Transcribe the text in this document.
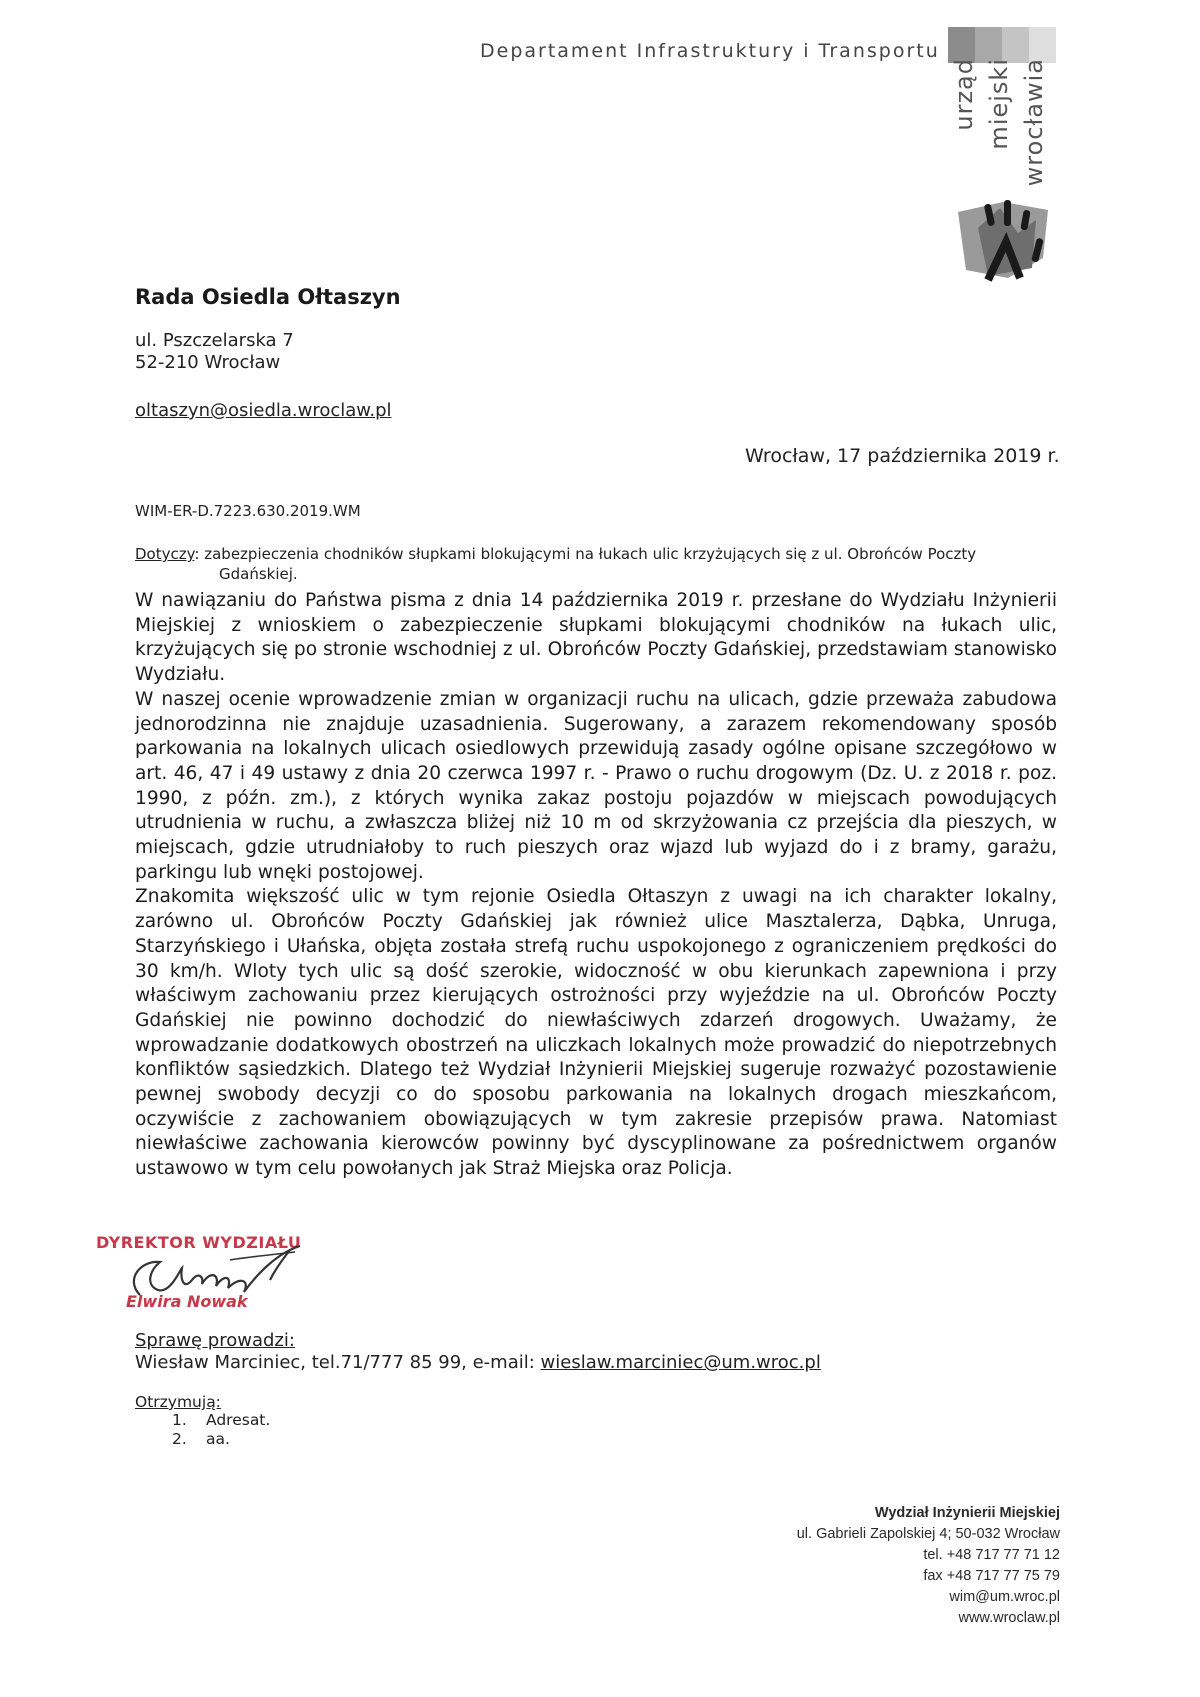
Departament Infrastruktury i Transportu
urząd miejski wrocławia
Rada Osiedla Ołtaszyn
ul. Pszczelarska 7
52-210 Wrocław
oltaszyn@osiedla.wroclaw.pl
Wrocław, 17 października 2019 r.
WIM-ER-D.7223.630.2019.WM
Dotyczy: zabezpieczenia chodników słupkami blokującymi na łukach ulic krzyżujących się z ul. Obrońców Poczty
Gdańskiej.

W nawiązaniu do Państwa pisma z dnia 14 października 2019 r. przesłane do Wydziału Inżynierii Miejskiej z wnioskiem o zabezpieczenie słupkami blokującymi chodników na łukach ulic, krzyżujących się po stronie wschodniej z ul. Obrońców Poczty Gdańskiej, przedstawiam stanowisko Wydziału.

W naszej ocenie wprowadzenie zmian w organizacji ruchu na ulicach, gdzie przeważa zabudowa jednorodzinna nie znajduje uzasadnienia. Sugerowany, a zarazem rekomendowany sposób parkowania na lokalnych ulicach osiedlowych przewidują zasady ogólne opisane szczegółowo w art. 46, 47 i 49 ustawy z dnia 20 czerwca 1997 r. - Prawo o ruchu drogowym (Dz. U. z 2018 r. poz. 1990, z późn. zm.), z których wynika zakaz postoju pojazdów w miejscach powodujących utrudnienia w ruchu, a zwłaszcza bliżej niż 10 m od skrzyżowania cz przejścia dla pieszych, w miejscach, gdzie utrudniałoby to ruch pieszych oraz wjazd lub wyjazd do i z bramy, garażu, parkingu lub wnęki postojowej.

Znakomita większość ulic w tym rejonie Osiedla Ołtaszyn z uwagi na ich charakter lokalny, zarówno ul. Obrońców Poczty Gdańskiej jak również ulice Masztalerza, Dąbka, Unruga, Starzyńskiego i Ułańska, objęta została strefą ruchu uspokojonego z ograniczeniem prędkości do 30 km/h. Wloty tych ulic są dość szerokie, widoczność w obu kierunkach zapewniona i przy właściwym zachowaniu przez kierujących ostrożności przy wyjeździe na ul. Obrońców Poczty Gdańskiej nie powinno dochodzić do niewłaściwych zdarzeń drogowych. Uważamy, że wprowadzanie dodatkowych obostrzeń na uliczkach lokalnych może prowadzić do niepotrzebnych konfliktów sąsiedzkich. Dlatego też Wydział Inżynierii Miejskiej sugeruje rozważyć pozostawienie pewnej swobody decyzji co do sposobu parkowania na lokalnych drogach mieszkańcom, oczywiście z zachowaniem obowiązujących w tym zakresie przepisów prawa. Natomiast niewłaściwe zachowania kierowców powinny być dyscyplinowane za pośrednictwem organów ustawowo w tym celu powołanych jak Straż Miejska oraz Policja.

DYREKTOR WYDZIAŁU
Elwira Nowak
Sprawę prowadzi:
Wiesław Marciniec, tel.71/777 85 99, e-mail: wieslaw.marciniec@um.wroc.pl
Otrzymują:
1. Adresat.
2. aa.
Wydział Inżynierii Miejskiej
ul. Gabrieli Zapolskiej 4; 50-032 Wrocław
tel. +48 717 77 71 12
fax +48 717 77 75 79
wim@um.wroc.pl
www.wroclaw.pl
